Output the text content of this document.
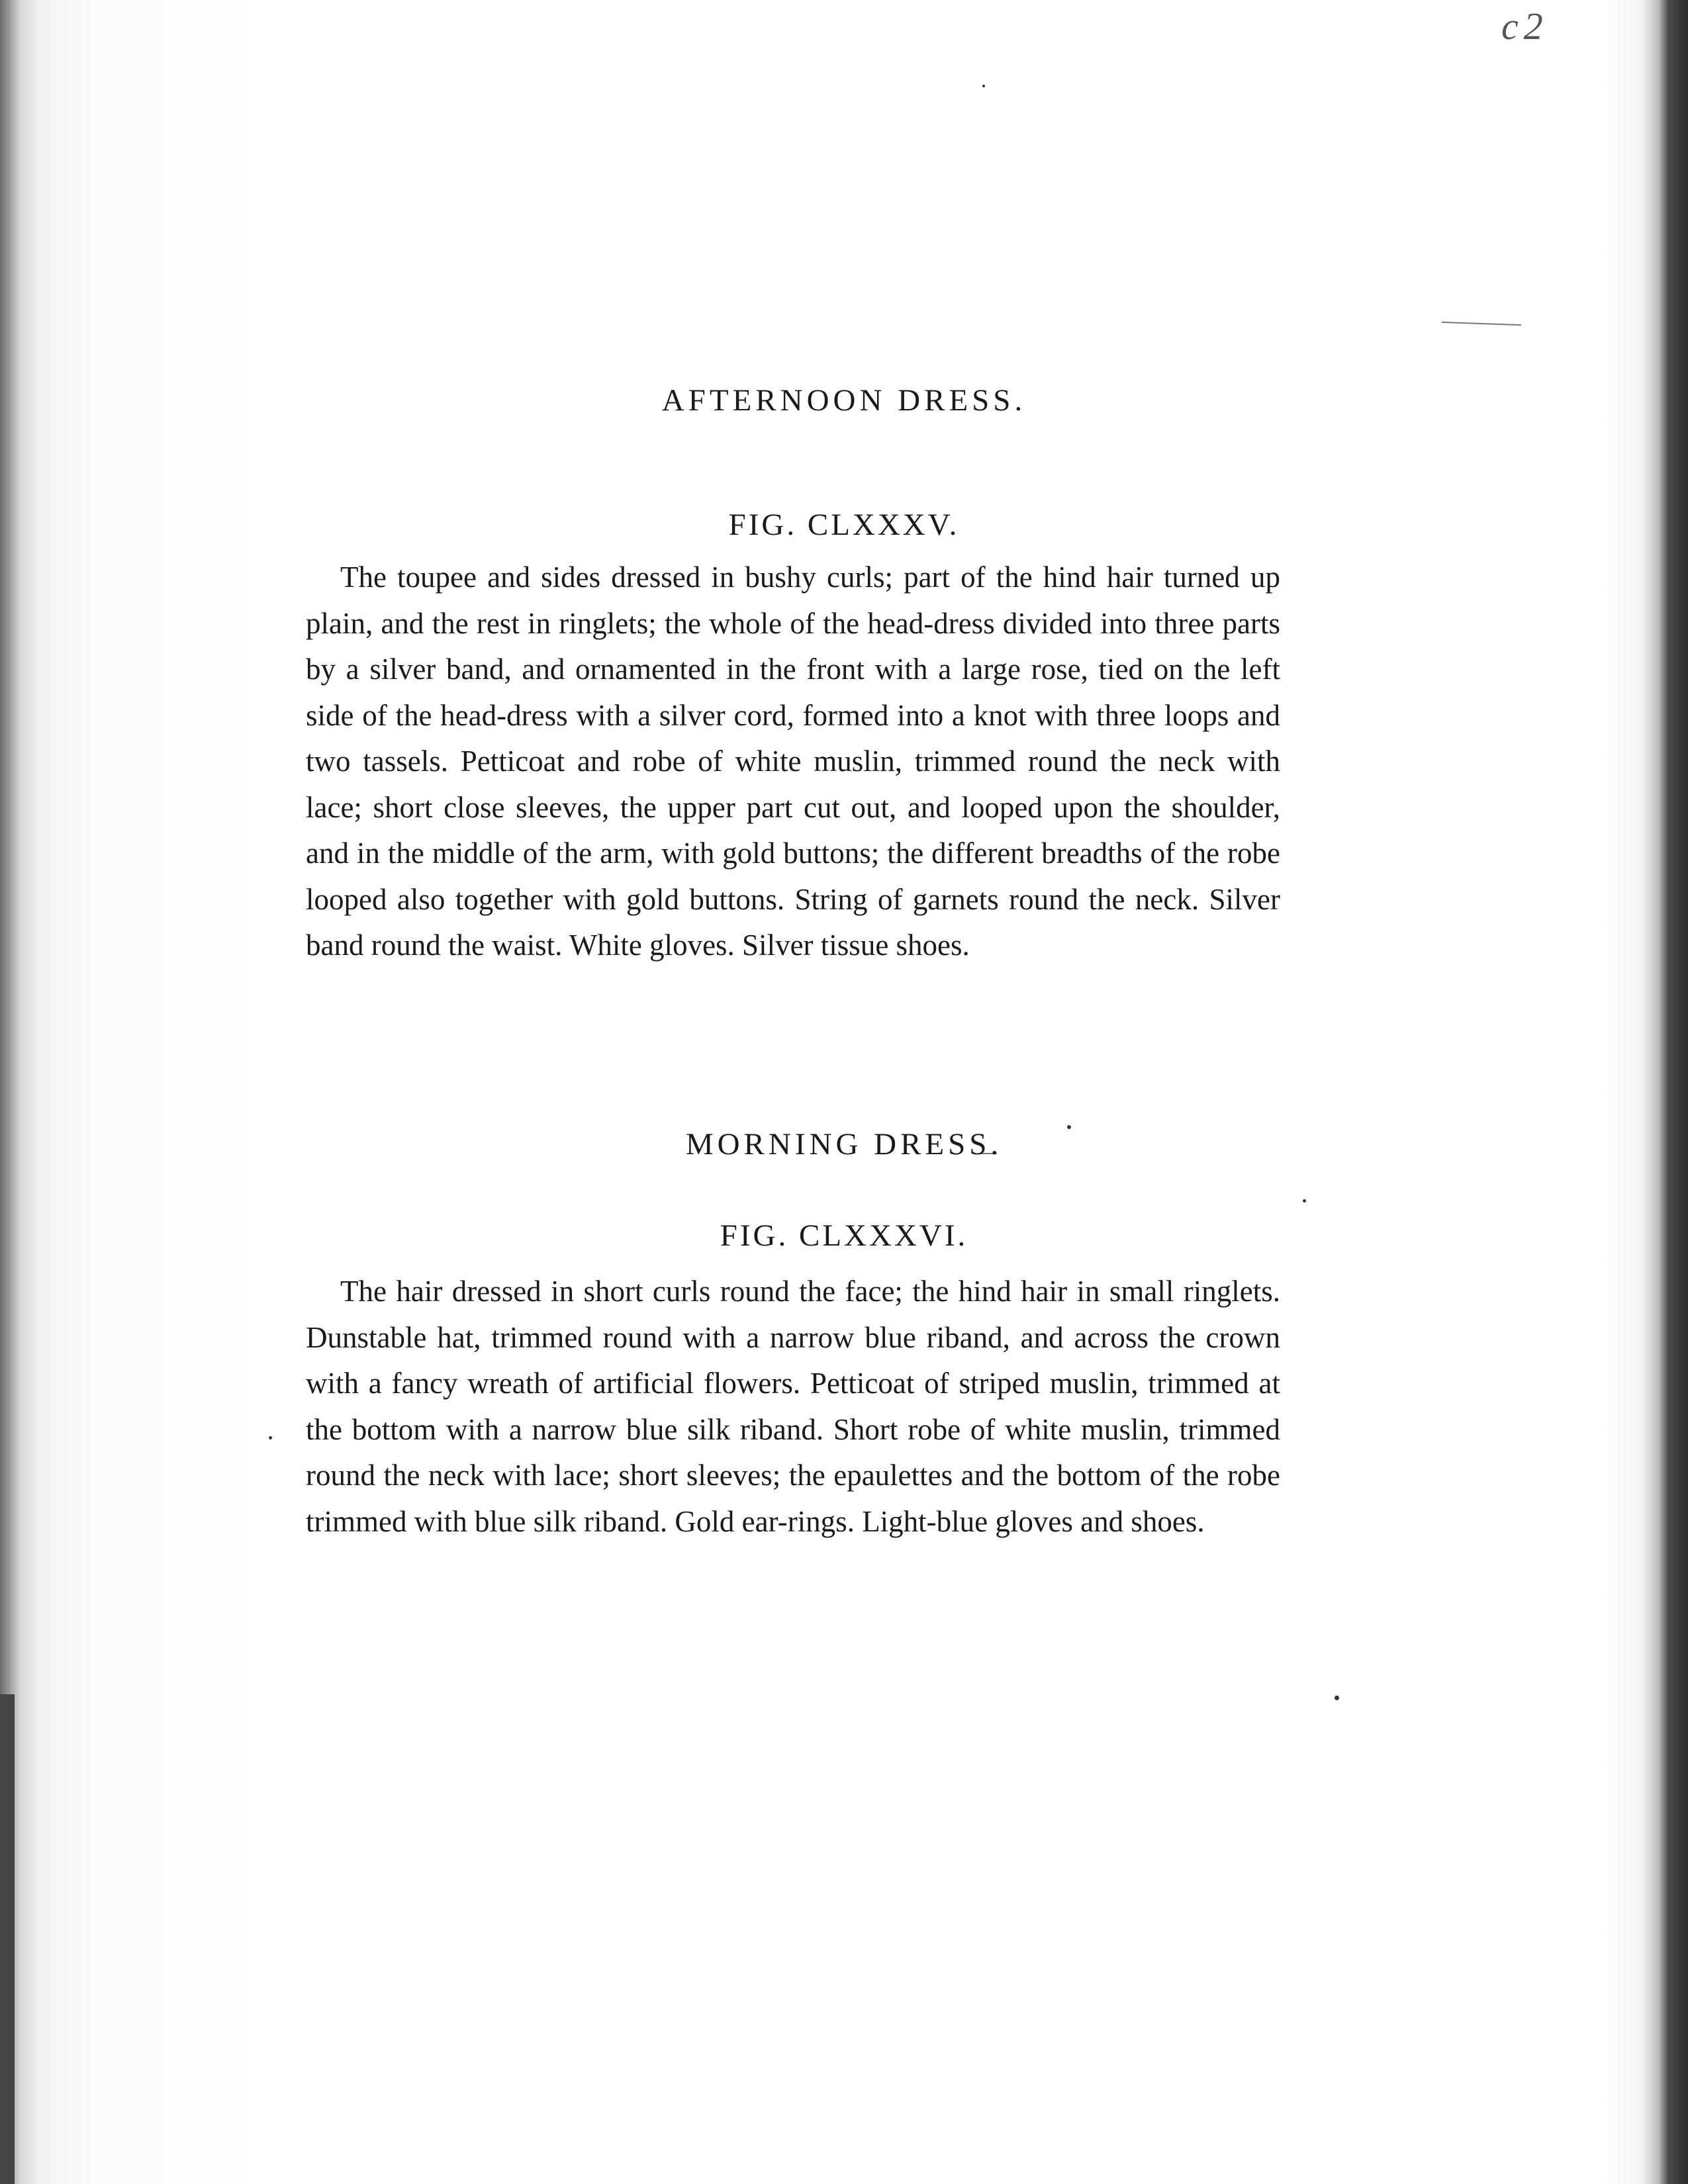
c2
AFTERNOON DRESS.
FIG. CLXXXV.

The toupee and sides dressed in bushy curls; part of the hind hair turned up plain, and the rest in ringlets; the whole of the head-dress divided into three parts by a silver band, and ornamented in the front with a large rose, tied on the left side of the head-dress with a silver cord, formed into a knot with three loops and two tassels. Petticoat and robe of white muslin, trimmed round the neck with lace; short close sleeves, the upper part cut out, and looped upon the shoulder, and in the middle of the arm, with gold buttons; the different breadths of the robe looped also together with gold buttons. String of garnets round the neck. Silver band round the waist. White gloves. Silver tissue shoes.

MORNING DRESS.
FIG. CLXXXVI.

The hair dressed in short curls round the face; the hind hair in small ringlets. Dunstable hat, trimmed round with a narrow blue riband, and across the crown with a fancy wreath of artificial flowers. Petticoat of striped muslin, trimmed at the bottom with a narrow blue silk riband. Short robe of white muslin, trimmed round the neck with lace; short sleeves; the epaulettes and the bottom of the robe trimmed with blue silk riband. Gold ear-rings. Light-blue gloves and shoes.
